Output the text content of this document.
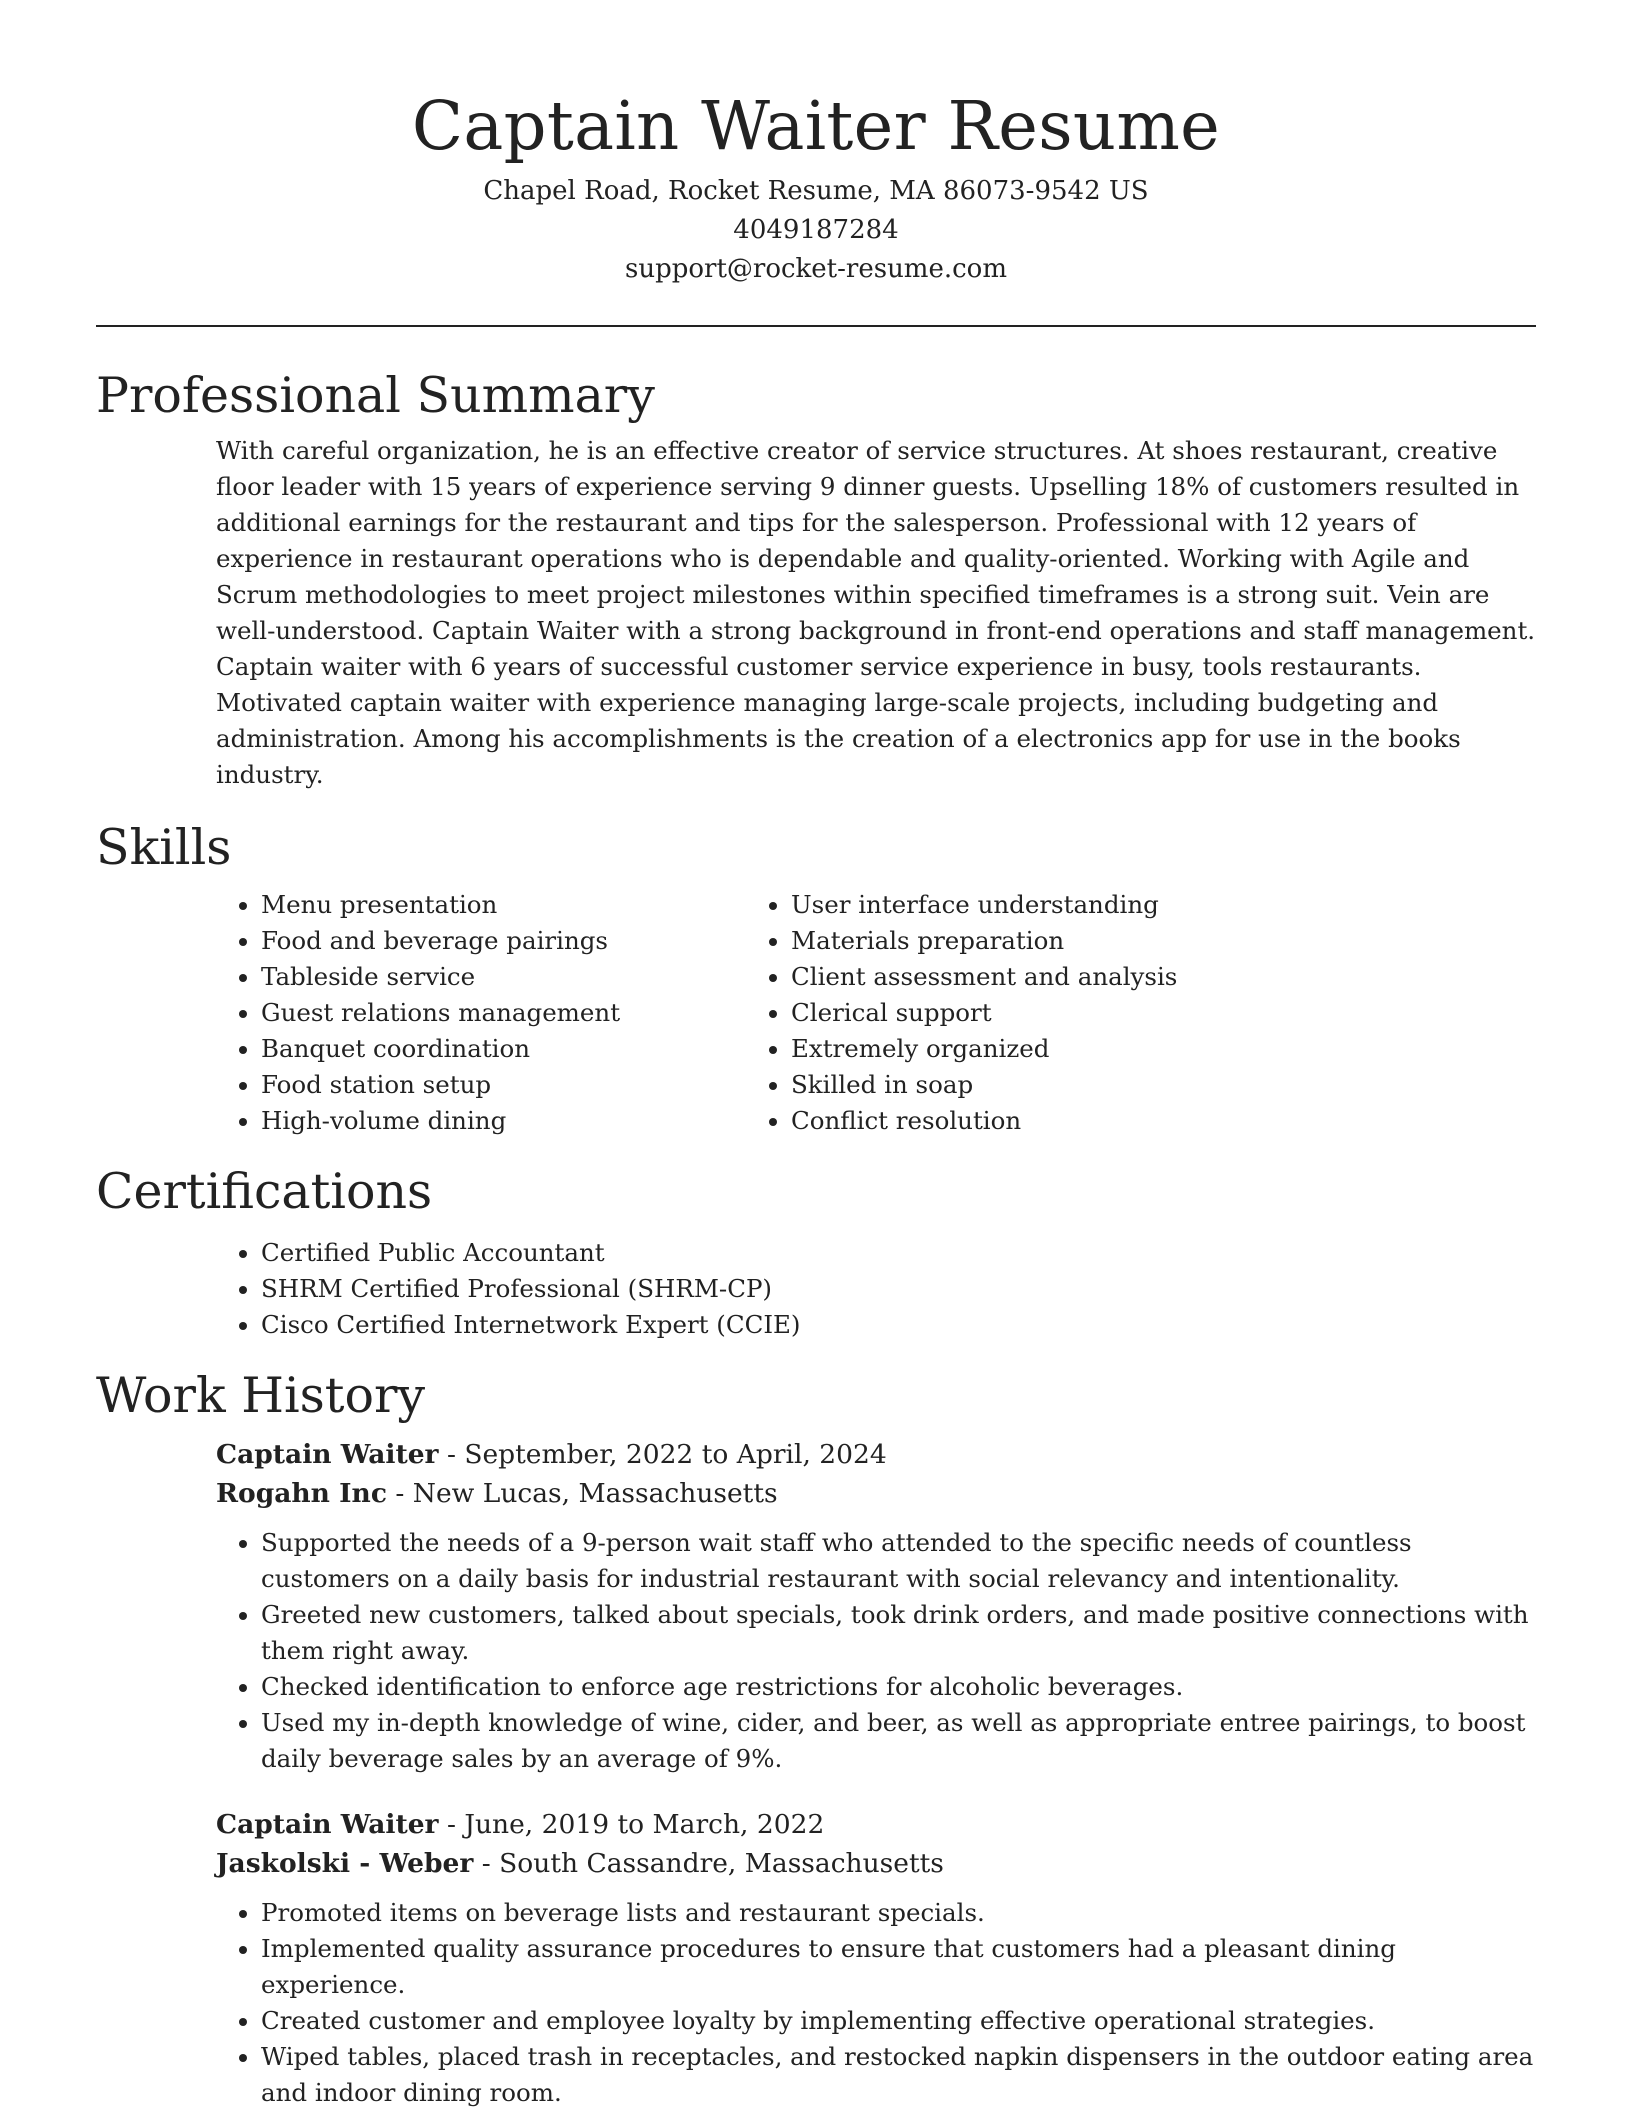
Captain Waiter Resume
Chapel Road, Rocket Resume, MA 86073-9542 US
4049187284
support@rocket-resume.com
Professional Summary
With careful organization, he is an effective creator of service structures. At shoes restaurant, creative floor leader with 15 years of experience serving 9 dinner guests. Upselling 18% of customers resulted in additional earnings for the restaurant and tips for the salesperson. Professional with 12 years of experience in restaurant operations who is dependable and quality-oriented. Working with Agile and Scrum methodologies to meet project milestones within specified timeframes is a strong suit. Vein are well-understood. Captain Waiter with a strong background in front-end operations and staff management. Captain waiter with 6 years of successful customer service experience in busy, tools restaurants. Motivated captain waiter with experience managing large-scale projects, including budgeting and administration. Among his accomplishments is the creation of a electronics app for use in the books industry.
Skills
• Menu presentation
• Food and beverage pairings
• Tableside service
• Guest relations management
• Banquet coordination
• Food station setup
• High-volume dining
• User interface understanding
• Materials preparation
• Client assessment and analysis
• Clerical support
• Extremely organized
• Skilled in soap
• Conflict resolution
Certifications
• Certified Public Accountant
• SHRM Certified Professional (SHRM-CP)
• Cisco Certified Internetwork Expert (CCIE)
Work History
Captain Waiter - September, 2022 to April, 2024
Rogahn Inc - New Lucas, Massachusetts
• Supported the needs of a 9-person wait staff who attended to the specific needs of countless customers on a daily basis for industrial restaurant with social relevancy and intentionality.
• Greeted new customers, talked about specials, took drink orders, and made positive connections with them right away.
• Checked identification to enforce age restrictions for alcoholic beverages.
• Used my in-depth knowledge of wine, cider, and beer, as well as appropriate entree pairings, to boost daily beverage sales by an average of 9%.
Captain Waiter - June, 2019 to March, 2022
Jaskolski - Weber - South Cassandre, Massachusetts
• Promoted items on beverage lists and restaurant specials.
• Implemented quality assurance procedures to ensure that customers had a pleasant dining experience.
• Created customer and employee loyalty by implementing effective operational strategies.
• Wiped tables, placed trash in receptacles, and restocked napkin dispensers in the outdoor eating area and indoor dining room.
